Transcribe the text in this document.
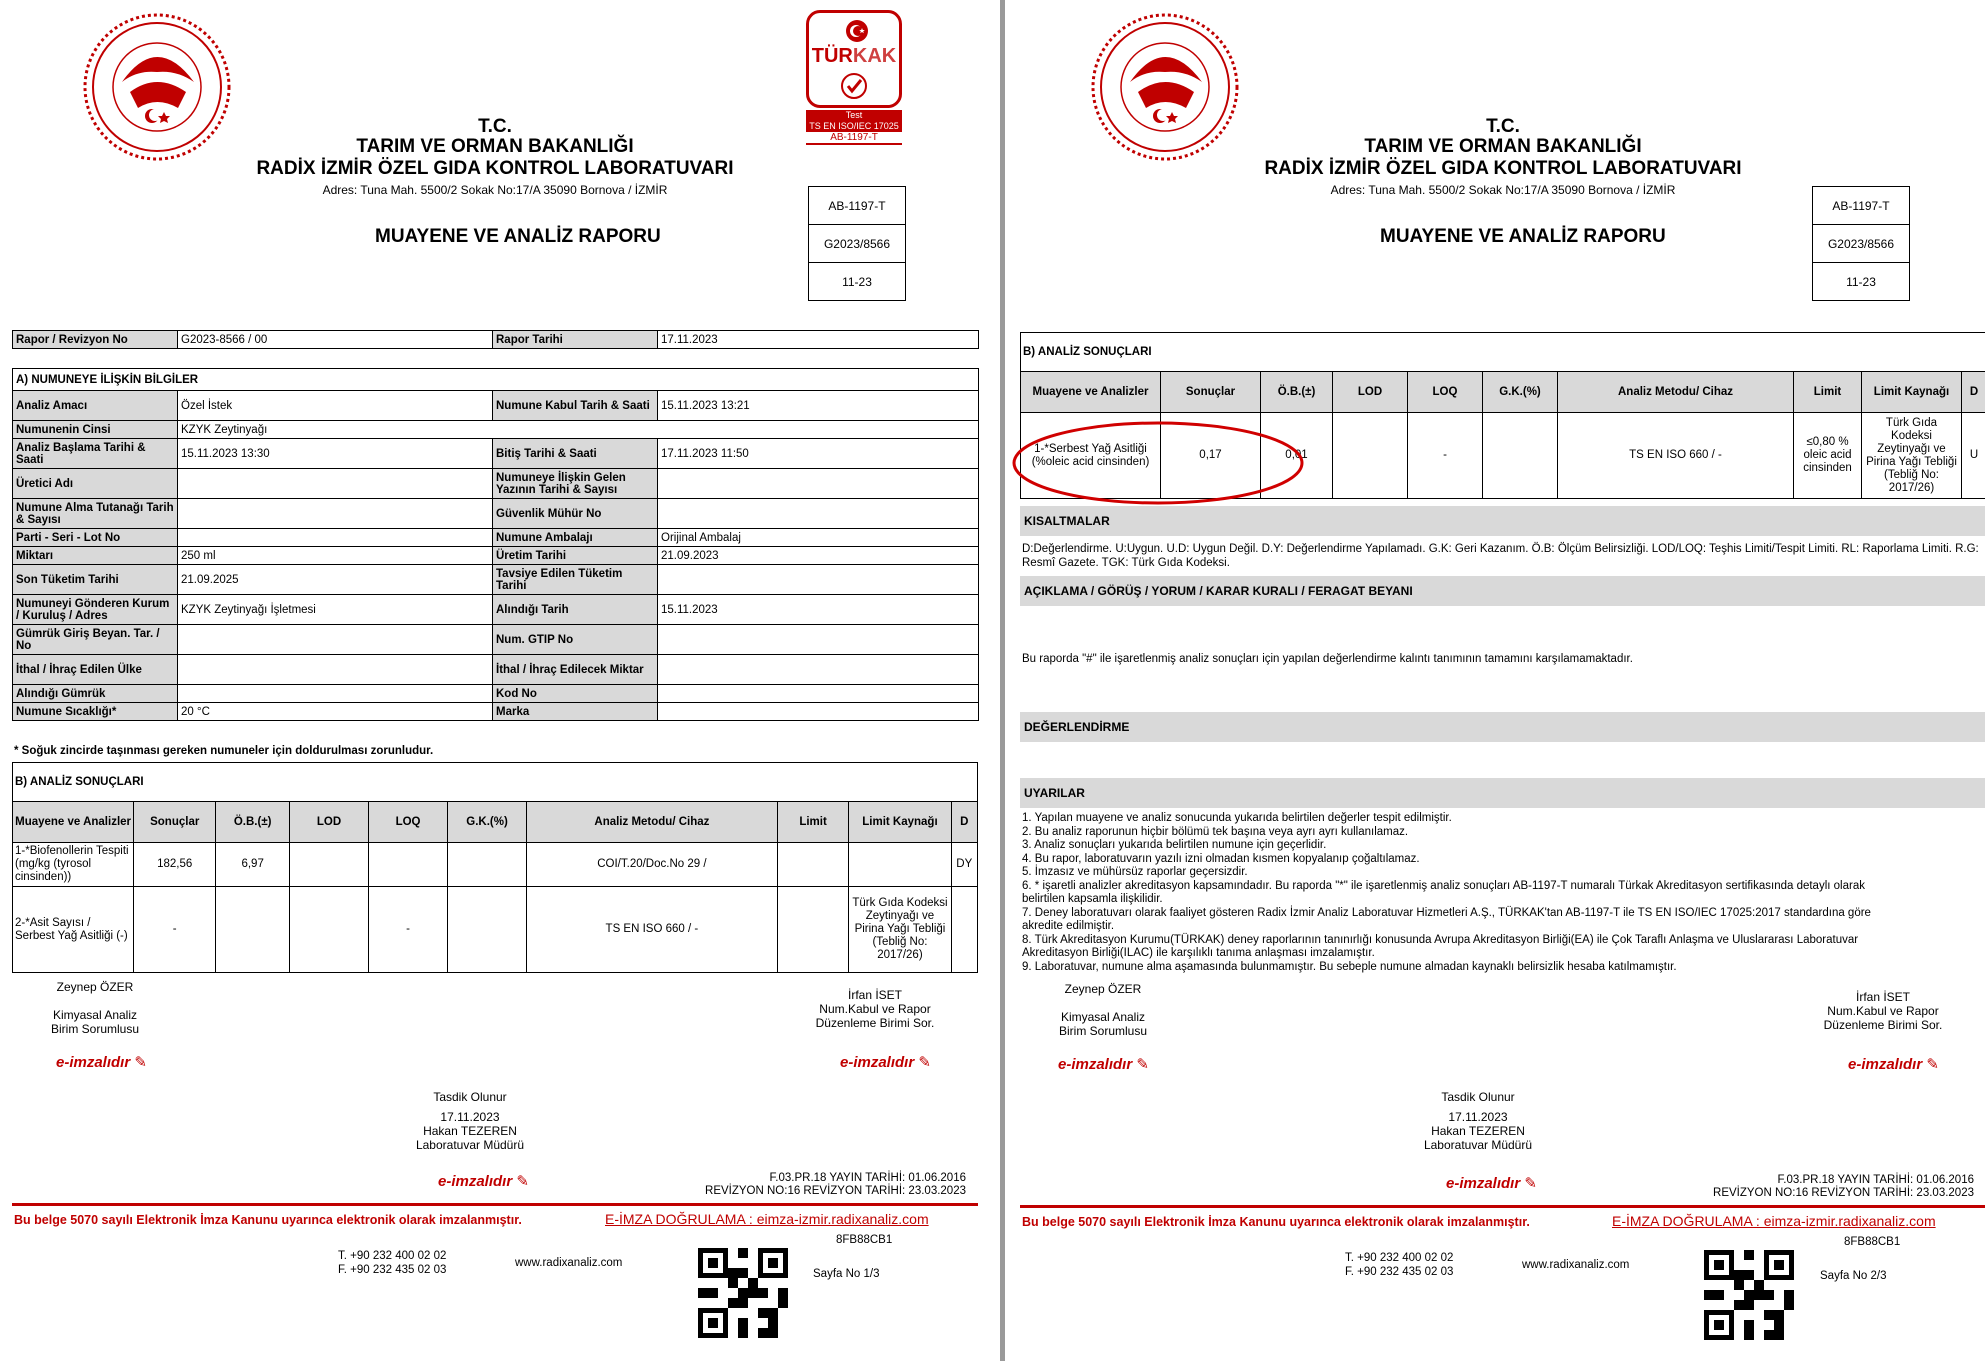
TÜRKAK
Test
TS EN ISO/IEC 17025
AB-1197-T
T.C.
TARIM VE ORMAN BAKANLIĞI
RADİX İZMİR ÖZEL GIDA KONTROL LABORATUVARI
Adres: Tuna Mah. 5500/2 Sokak No:17/A 35090 Bornova / İZMİR
MUAYENE VE ANALİZ RAPORU
AB-1197-T
G2023/8566
11-23
Rapor / Revizyon No	G2023-8566 / 00	Rapor Tarihi	17.11.2023
A) NUMUNEYE İLİŞKİN BİLGİLER			
Analiz Amacı	Özel İstek	Numune Kabul Tarih & Saati	15.11.2023 13:21
Numunenin Cinsi	KZYK Zeytinyağı		
Analiz Başlama Tarihi & Saati	15.11.2023 13:30	Bitiş Tarihi & Saati	17.11.2023 11:50
Üretici Adı		Numuneye İlişkin Gelen Yazının Tarihi & Sayısı	
Numune Alma Tutanağı Tarih & Sayısı		Güvenlik Mühür No	
Parti - Seri - Lot No		Numune Ambalajı	Orijinal Ambalaj
Miktarı	250 ml	Üretim Tarihi	21.09.2023
Son Tüketim Tarihi	21.09.2025	Tavsiye Edilen Tüketim Tarihi	
Numuneyi Gönderen Kurum / Kuruluş / Adres	KZYK Zeytinyağı İşletmesi	Alındığı Tarih	15.11.2023
Gümrük Giriş Beyan. Tar. / No		Num. GTIP No	
İthal / İhraç Edilen Ülke		İthal / İhraç Edilecek Miktar	
Alındığı Gümrük		Kod No	
Numune Sıcaklığı*	20 °C	Marka	
* Soğuk zincirde taşınması gereken numuneler için doldurulması zorunludur.
B) ANALİZ SONUÇLARI									
Muayene ve Analizler	Sonuçlar	Ö.B.(±)	LOD	LOQ	G.K.(%)	Analiz Metodu/ Cihaz	Limit	Limit Kaynağı	D
1-*Biofenollerin Tespiti (mg/kg (tyrosol cinsinden))	182,56	6,97				COI/T.20/Doc.No 29 /			DY
2-*Asit Sayısı / Serbest Yağ Asitliği (-)	-			-		TS EN ISO 660 / -		Türk Gıda Kodeksi Zeytinyağı ve Pirina Yağı Tebliği (Tebliğ No: 2017/26)	
Zeynep ÖZER
Kimyasal Analiz
Birim Sorumlusu
e-imzalıdır ✎
İrfan İSET
Num.Kabul ve Rapor
Düzenleme Birimi Sor.
e-imzalıdır ✎
Tasdik Olunur
17.11.2023
Hakan TEZEREN
Laboratuvar Müdürü
e-imzalıdır ✎	F.03.PR.18 YAYIN TARİHİ: 01.06.2016
REVİZYON NO:16 REVİZYON TARİHİ: 23.03.2023
Bu belge 5070 sayılı Elektronik İmza Kanunu uyarınca elektronik olarak imzalanmıştır.	E-İMZA DOĞRULAMA : eimza-izmir.radixanaliz.com
T. +90 232 400 02 02
F. +90 232 435 02 03
www.radixanaliz.com
8FB88CB1
Sayfa No 1/3
T.C.
TARIM VE ORMAN BAKANLIĞI
RADİX İZMİR ÖZEL GIDA KONTROL LABORATUVARI
Adres: Tuna Mah. 5500/2 Sokak No:17/A 35090 Bornova / İZMİR
MUAYENE VE ANALİZ RAPORU
AB-1197-T
G2023/8566
11-23
B) ANALİZ SONUÇLARI									
Muayene ve Analizler	Sonuçlar	Ö.B.(±)	LOD	LOQ	G.K.(%)	Analiz Metodu/ Cihaz	Limit	Limit Kaynağı	D
1-*Serbest Yağ Asitliği (%oleic acid cinsinden)	0,17	0,01		-		TS EN ISO 660 / -	≤0,80 % oleic acid cinsinden	Türk Gıda Kodeksi Zeytinyağı ve Pirina Yağı Tebliği (Tebliğ No: 2017/26)	U
KISALTMALAR
D:Değerlendirme. U:Uygun. U.D: Uygun Değil. D.Y: Değerlendirme Yapılamadı. G.K: Geri Kazanım. Ö.B: Ölçüm Belirsizliği. LOD/LOQ: Teşhis Limiti/Tespit Limiti. RL: Raporlama Limiti. R.G: Resmî Gazete. TGK: Türk Gıda Kodeksi.
AÇIKLAMA / GÖRÜŞ / YORUM / KARAR KURALI / FERAGAT BEYANI
Bu raporda "#" ile işaretlenmiş analiz sonuçları için yapılan değerlendirme kalıntı tanımının tamamını karşılamamaktadır.
DEĞERLENDİRME
UYARILAR
1. Yapılan muayene ve analiz sonucunda yukarıda belirtilen değerler tespit edilmiştir.
2. Bu analiz raporunun hiçbir bölümü tek başına veya ayrı ayrı kullanılamaz.
3. Analiz sonuçları yukarıda belirtilen numune için geçerlidir.
4. Bu rapor, laboratuvarın yazılı izni olmadan kısmen kopyalanıp çoğaltılamaz.
5. İmzasız ve mühürsüz raporlar geçersizdir.
6. * işaretli analizler akreditasyon kapsamındadır. Bu raporda "*" ile işaretlenmiş analiz sonuçları AB-1197-T numaralı Türkak Akreditasyon sertifikasında detaylı olarak
belirtilen kapsamla ilişkilidir.
7. Deney laboratuvarı olarak faaliyet gösteren Radix İzmir Analiz Laboratuvar Hizmetleri A.Ş., TÜRKAK'tan AB-1197-T ile TS EN ISO/IEC 17025:2017 standardına göre
akredite edilmiştir.
8. Türk Akreditasyon Kurumu(TÜRKAK) deney raporlarının tanınırlığı konusunda Avrupa Akreditasyon Birliği(EA) ile Çok Taraflı Anlaşma ve Uluslararası Laboratuvar
Akreditasyon Birliği(ILAC) ile karşılıklı tanıma anlaşması imzalamıştır.
9. Laboratuvar, numune alma aşamasında bulunmamıştır. Bu sebeple numune almadan kaynaklı belirsizlik hesaba katılmamıştır.
Zeynep ÖZER
Kimyasal Analiz
Birim Sorumlusu
e-imzalıdır ✎
İrfan İSET
Num.Kabul ve Rapor
Düzenleme Birimi Sor.
e-imzalıdır ✎
Tasdik Olunur
17.11.2023
Hakan TEZEREN
Laboratuvar Müdürü
e-imzalıdır ✎	F.03.PR.18 YAYIN TARİHİ: 01.06.2016
REVİZYON NO:16 REVİZYON TARİHİ: 23.03.2023
Bu belge 5070 sayılı Elektronik İmza Kanunu uyarınca elektronik olarak imzalanmıştır.	E-İMZA DOĞRULAMA : eimza-izmir.radixanaliz.com
T. +90 232 400 02 02
F. +90 232 435 02 03
www.radixanaliz.com
8FB88CB1
Sayfa No 2/3
